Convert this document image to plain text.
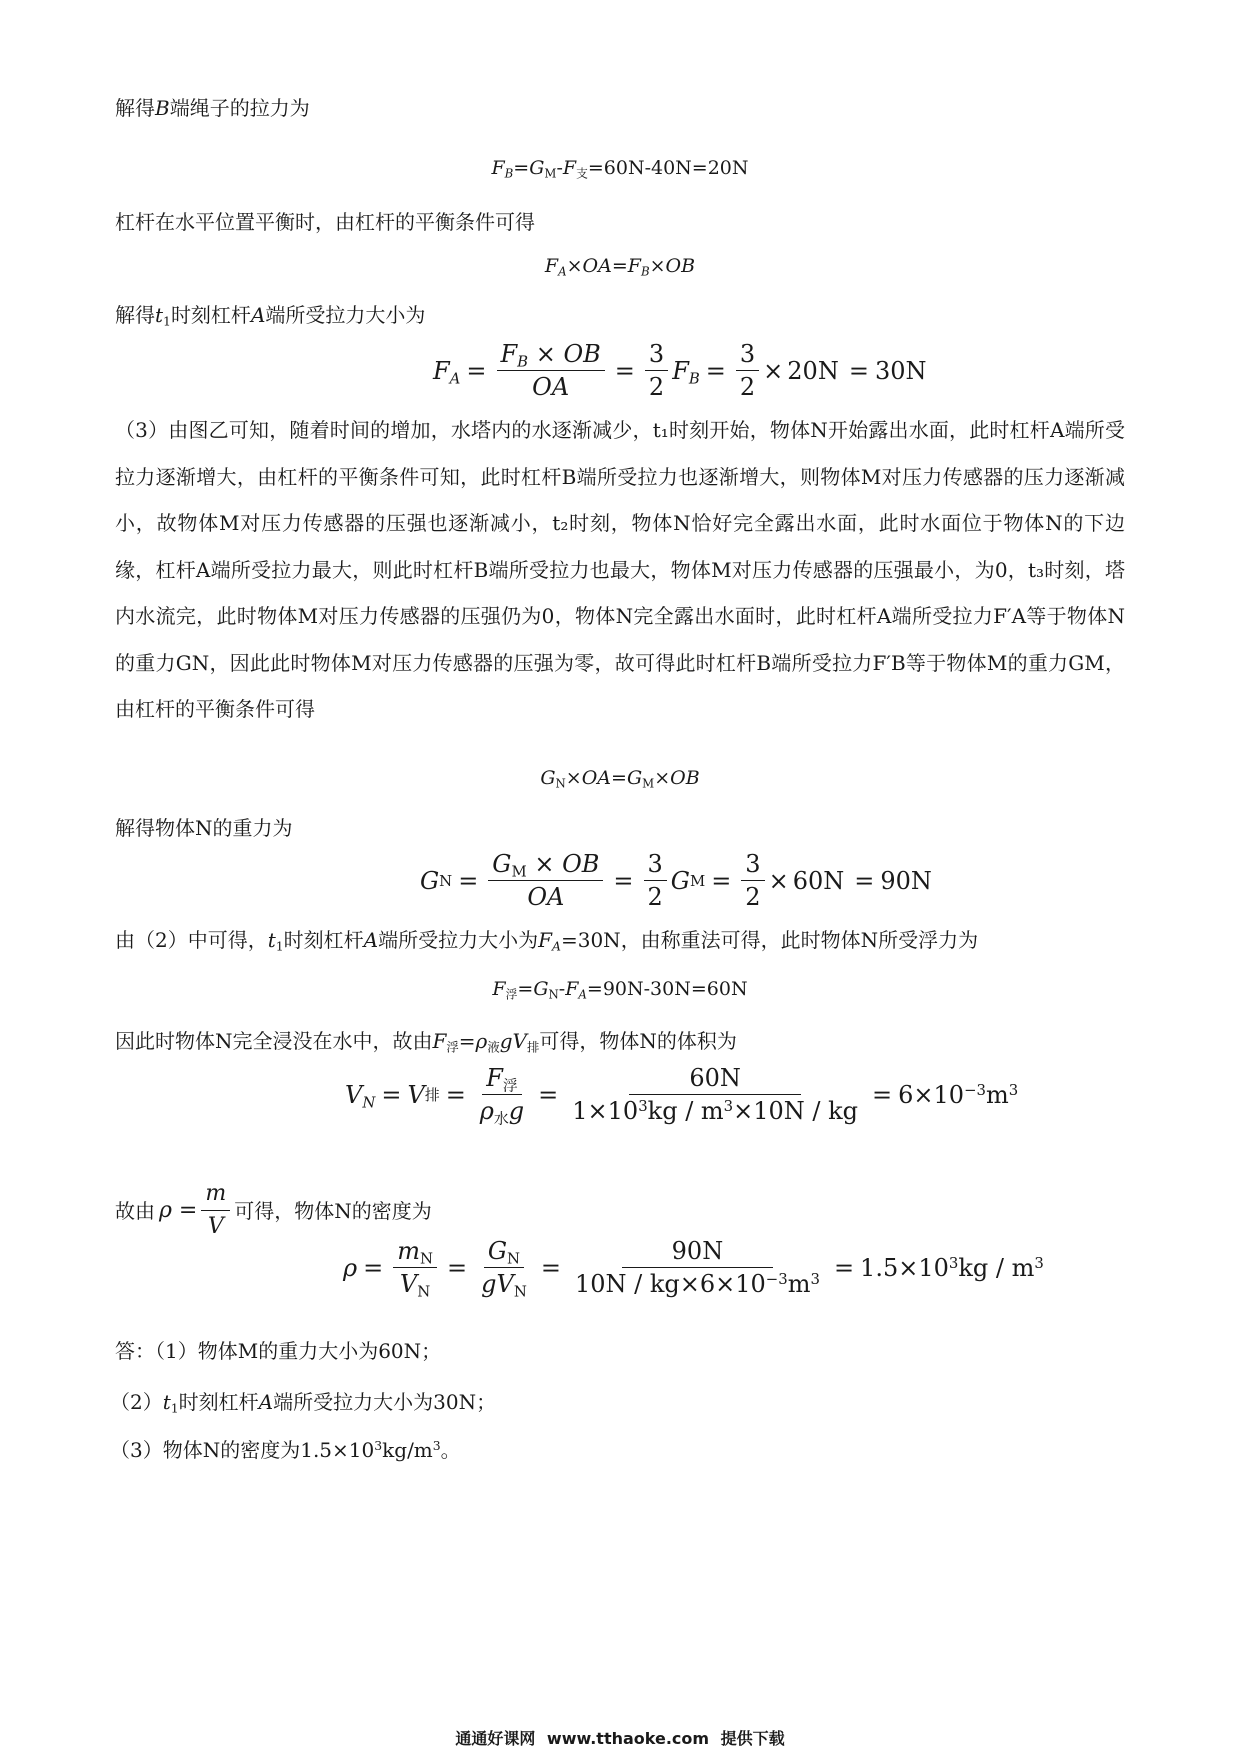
解得B端绳子的拉力为
$F_B=G_M-F_支=60N-40N=20N$
杠杆在水平位置平衡时，由杠杆的平衡条件可得
$F_A\times OA=F_B\times OB$
解得$t_1$时刻杠杆A端所受拉力大小为
$F_A = \frac{F_B \times OB}{OA} = \frac{3}{2} F_B = \frac{3}{2} \times 20N = 30N$
（3）由图乙可知，随着时间的增加，水塔内的水逐渐减少，t₁时刻开始，物体N开始露出水面，此时杠杆A端所受拉力逐渐增大，由杠杆的平衡条件可知，此时杠杆B端所受拉力也逐渐增大，则物体M对压力传感器的压力逐渐减小，故物体M对压力传感器的压强也逐渐减小，t₂时刻，物体N恰好完全露出水面，此时水面位于物体N的下边缘，杠杆A端所受拉力最大，则此时杠杆B端所受拉力也最大，物体M对压力传感器的压强最小，为0，t₃时刻，塔内水流完，此时物体M对压力传感器的压强仍为0，物体N完全露出水面时，此时杠杆A端所受拉力F′A等于物体N的重力GN，因此此时物体M对压力传感器的压强为零，故可得此时杠杆B端所受拉力F′B等于物体M的重力GM，由杠杆的平衡条件可得
$G_N\times OA=G_M\times OB$
解得物体N的重力为
G $N = \frac{G_M \times OB}{OA} = \frac{3}{2}$ G $M = \frac{3}{2} \times 60N = 90N$
由（2）中可得，$t_1$时刻杠杆A端所受拉力大小为$F_A=30N$，由称重法可得，此时物体N所受浮力为
$F_浮=G_N-F_A=90N-30N=60N$
因此时物体N完全浸没在水中，故由$F_浮=\rho_液gV_排$可得，物体N的体积为
$V_N = V$ 排 = $\frac{F_浮}{\rho_水g} = \frac{60N}{1\times 10^3kg / m^3\times 10N / kg} = 6\times 10^{-3}m^3$
故由 $\rho = \frac{m}{V}$ 可得，物体N的密度为
$\rho = \frac{m_N}{V_N} = \frac{G_N}{gV_N} = \frac{90N}{10N / kg\times 6\times 10^{-3}m^3} = 1.5\times 10^3kg / m^3$
答：（1）物体M的重力大小为60N；
$(2)t_1$时刻杠杆A端所受拉力大小为30N；
（3）物体N的密度为$1.5\times 10^3kg/m^3$。
通通好课网 www.tthaoke.com 提供下载
